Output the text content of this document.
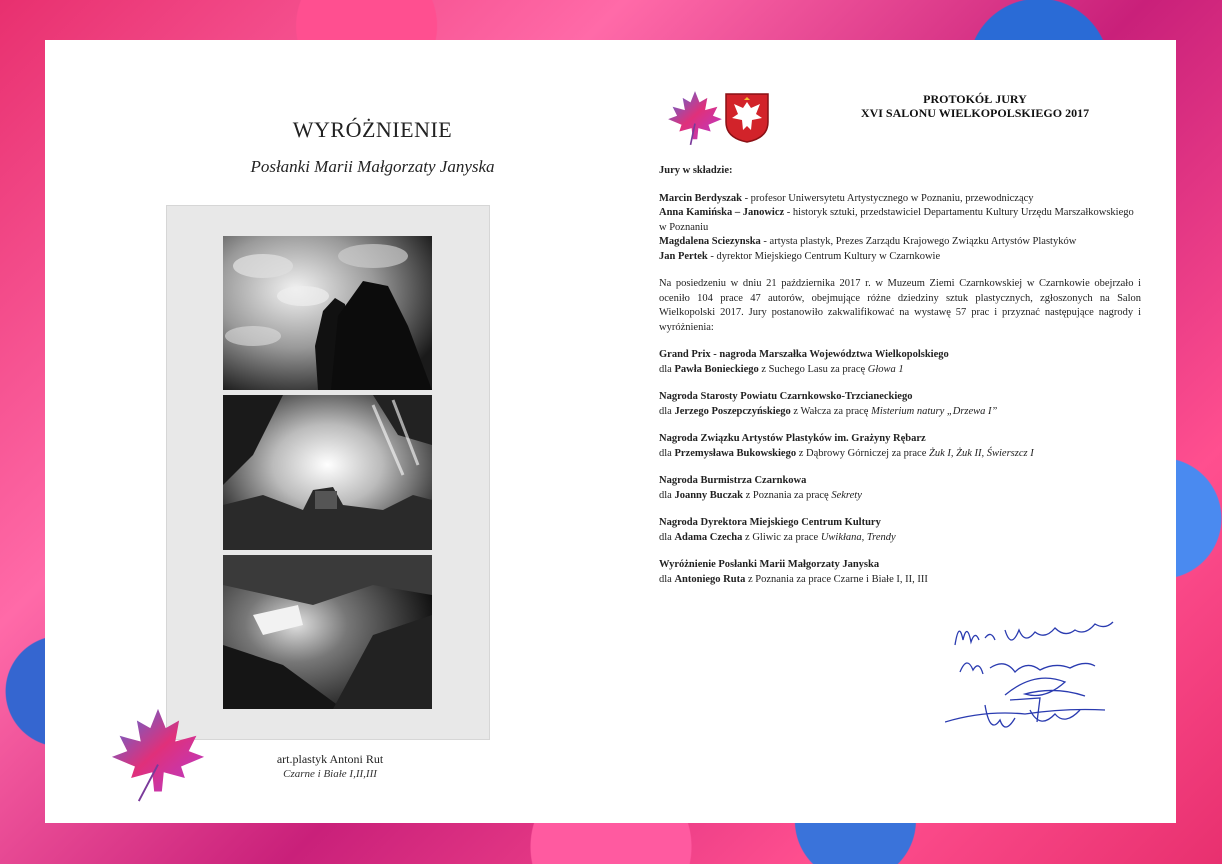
WYRÓŻNIENIE
Posłanki Marii Małgorzaty Janyska
art.plastyk Antoni Rut
Czarne i Białe I,II,III
PROTOKÓŁ JURY
XVI SALONU WIELKOPOLSKIEGO 2017

Jury w składzie:

Marcin Berdyszak - profesor Uniwersytetu Artystycznego w Poznaniu, przewodniczący

Anna Kamińska – Janowicz - historyk sztuki, przedstawiciel Departamentu Kultury Urzędu Marszałkowskiego w Poznaniu

Magdalena Sciezynska - artysta plastyk, Prezes Zarządu Krajowego Związku Artystów Plastyków

Jan Pertek - dyrektor Miejskiego Centrum Kultury w Czarnkowie

Na posiedzeniu w dniu 21 października 2017 r. w Muzeum Ziemi Czarnkowskiej w Czarnkowie obejrzało i oceniło 104 prace 47 autorów, obejmujące różne dziedziny sztuk plastycznych, zgłoszonych na Salon Wielkopolski 2017. Jury postanowiło zakwalifikować na wystawę 57 prac i przyznać następujące nagrody i wyróżnienia:

Grand Prix - nagroda Marszałka Województwa Wielkopolskiego

dla Pawła Bonieckiego z Suchego Lasu za pracę Głowa 1

Nagroda Starosty Powiatu Czarnkowsko-Trzcianeckiego

dla Jerzego Poszepczyńskiego z Wałcza za pracę Misterium natury „Drzewa I”

Nagroda Związku Artystów Plastyków im. Grażyny Rębarz

dla Przemysława Bukowskiego z Dąbrowy Górniczej za prace Żuk I, Żuk II, Świerszcz I

Nagroda Burmistrza Czarnkowa

dla Joanny Buczak z Poznania za pracę Sekrety

Nagroda Dyrektora Miejskiego Centrum Kultury

dla Adama Czecha z Gliwic za prace Uwikłana, Trendy

Wyróżnienie Posłanki Marii Małgorzaty Janyska

dla Antoniego Ruta z Poznania za prace Czarne i Białe I, II, III
